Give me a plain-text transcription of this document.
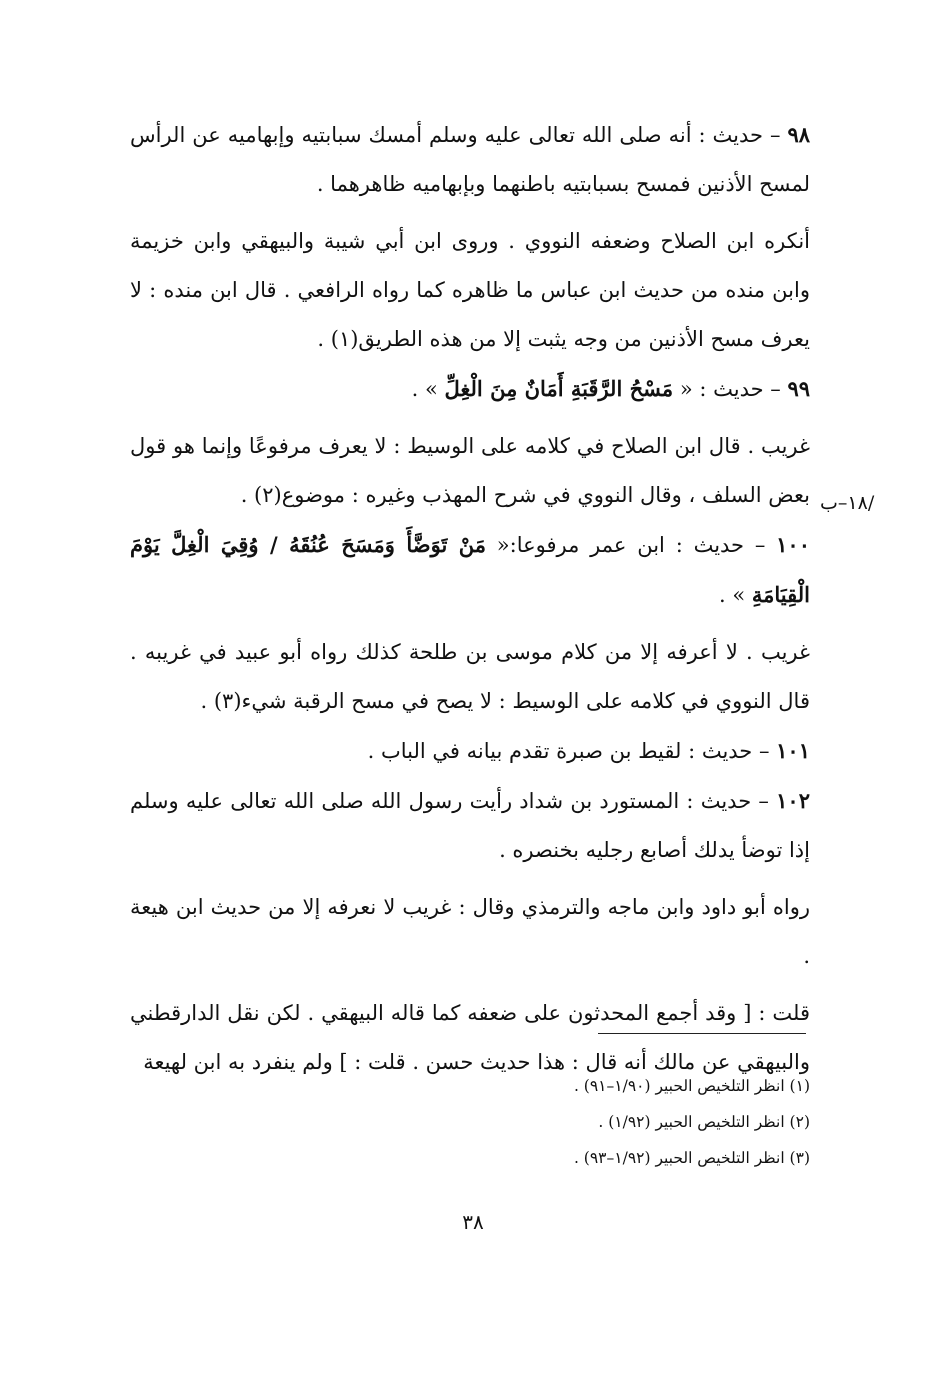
٩٨ – حديث : أنه صلى الله تعالى عليه وسلم أمسك سبابتيه وإبهاميه عن الرأس لمسح الأذنين فمسح بسبابتيه باطنهما وبإبهاميه ظاهرهما .

أنكره ابن الصلاح وضعفه النووي . وروى ابن أبي شيبة والبيهقي وابن خزيمة وابن منده من حديث ابن عباس ما ظاهره كما رواه الرافعي . قال ابن منده : لا يعرف مسح الأذنين من وجه يثبت إلا من هذه الطريق(١) .

٩٩ – حديث : « مَسْحُ الرَّقَبَةِ أَمَانٌ مِنَ الْغِلِّ » .

غريب . قال ابن الصلاح في كلامه على الوسيط : لا يعرف مرفوعًا وإنما هو قول بعض السلف ، وقال النووي في شرح المهذب وغيره : موضوع(٢) .

١٠٠ – حديث : ابن عمر مرفوعا:« مَنْ تَوَضَّأَ وَمَسَحَ عُنُقَهُ / وُقِيَ الْغِلَّ يَوْمَ الْقِيَامَةِ » .

غريب . لا أعرفه إلا من كلام موسى بن طلحة كذلك رواه أبو عبيد في غريبه . قال النووي في كلامه على الوسيط : لا يصح في مسح الرقبة شيء(٣) .

١٠١ – حديث : لقيط بن صبرة تقدم بيانه في الباب .

١٠٢ – حديث : المستورد بن شداد رأيت رسول الله صلى الله تعالى عليه وسلم إذا توضأ يدلك أصابع رجليه بخنصره .

رواه أبو داود وابن ماجه والترمذي وقال : غريب لا نعرفه إلا من حديث ابن هيعة .

قلت : [ وقد أجمع المحدثون على ضعفه كما قاله البيهقي . لكن نقل الدارقطني والبيهقي عن مالك أنه قال : هذا حديث حسن . قلت : ] ولم ينفرد به ابن لهيعة

/١٨–ب
(١) انظر التلخيص الحبير (١/٩٠–٩١) .
(٢) انظر التلخيص الحبير (١/٩٢) .
(٣) انظر التلخيص الحبير (١/٩٢–٩٣) .
٣٨
